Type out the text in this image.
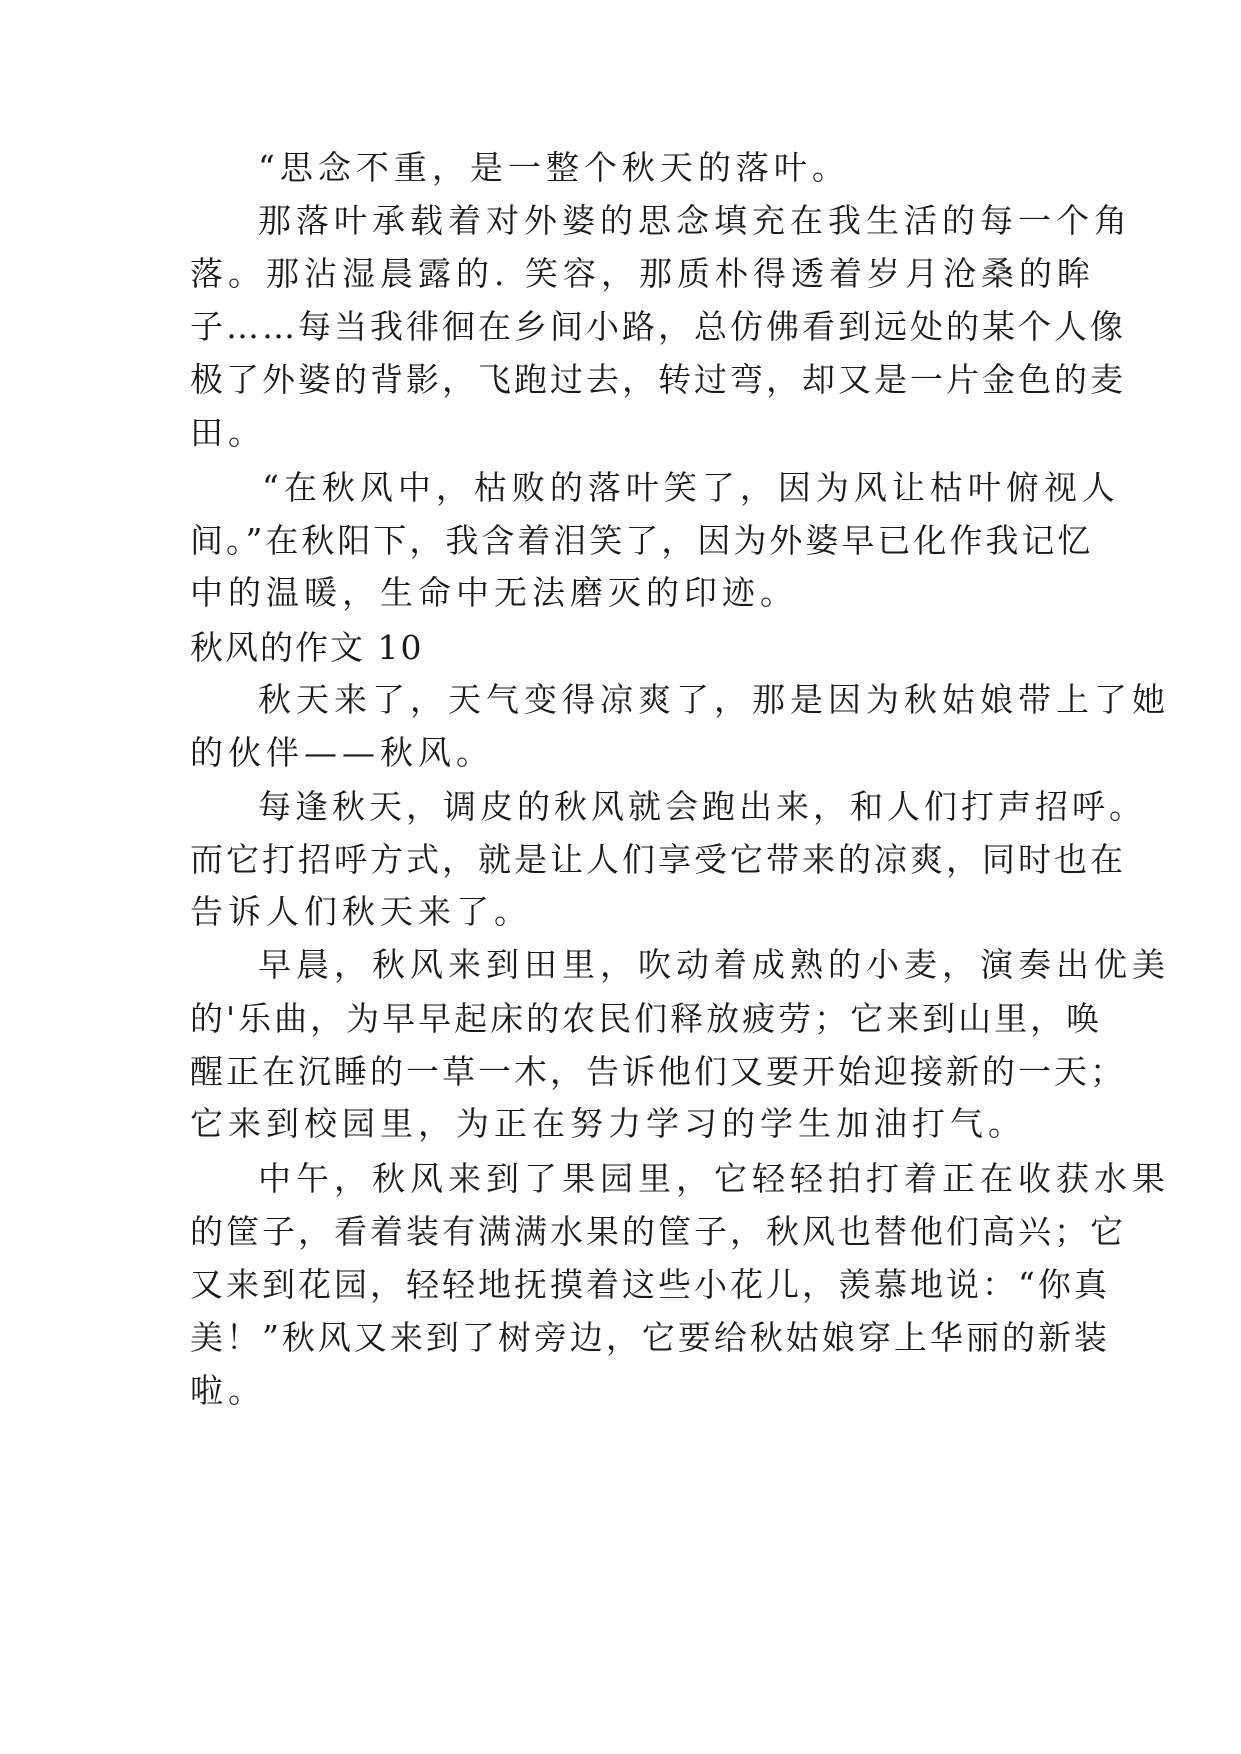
“思念不重，是一整个秋天的落叶。
那落叶承载着对外婆的思念填充在我生活的每一个角
落。那沾湿晨露的. 笑容，那质朴得透着岁月沧桑的眸
子……每当我徘徊在乡间小路，总仿佛看到远处的某个人像
极了外婆的背影，飞跑过去，转过弯，却又是一片金色的麦
田。
“在秋风中，枯败的落叶笑了，因为风让枯叶俯视人
间。”在秋阳下，我含着泪笑了，因为外婆早已化作我记忆
中的温暖，生命中无法磨灭的印迹。
秋风的作文 10
秋天来了，天气变得凉爽了，那是因为秋姑娘带上了她
的伙伴——秋风。
每逢秋天，调皮的秋风就会跑出来，和人们打声招呼。
而它打招呼方式，就是让人们享受它带来的凉爽，同时也在
告诉人们秋天来了。
早晨，秋风来到田里，吹动着成熟的小麦，演奏出优美
的'乐曲，为早早起床的农民们释放疲劳；它来到山里，唤
醒正在沉睡的一草一木，告诉他们又要开始迎接新的一天；
它来到校园里，为正在努力学习的学生加油打气。
中午，秋风来到了果园里，它轻轻拍打着正在收获水果
的筐子，看着装有满满水果的筐子，秋风也替他们高兴；它
又来到花园，轻轻地抚摸着这些小花儿，羡慕地说：“你真
美！”秋风又来到了树旁边，它要给秋姑娘穿上华丽的新装
啦。
